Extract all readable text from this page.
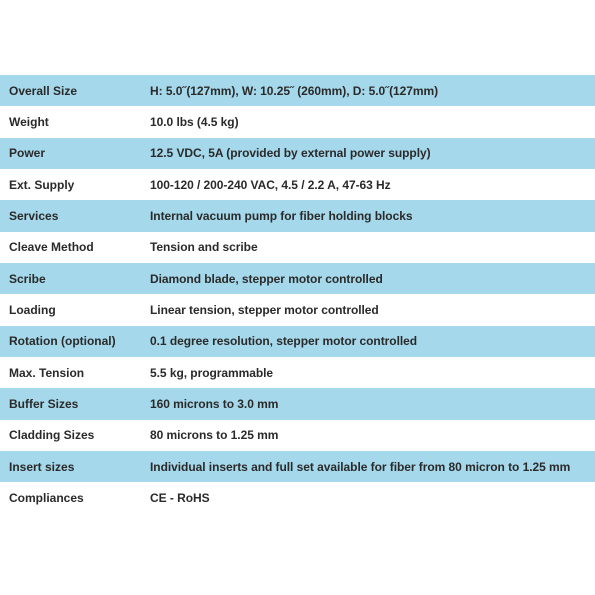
Overall Size	H: 5.0˝(127mm), W: 10.25˝ (260mm), D: 5.0˝(127mm)
Weight	10.0 lbs (4.5 kg)
Power	12.5 VDC, 5A (provided by external power supply)
Ext. Supply	100-120 / 200-240 VAC, 4.5 / 2.2 A, 47-63 Hz
Services	Internal vacuum pump for fiber holding blocks
Cleave Method	Tension and scribe
Scribe	Diamond blade, stepper motor controlled
Loading	Linear tension, stepper motor controlled
Rotation (optional)	0.1 degree resolution, stepper motor controlled
Max. Tension	5.5 kg, programmable
Buffer Sizes	160 microns to 3.0 mm
Cladding Sizes	80 microns to 1.25 mm
Insert sizes	Individual inserts and full set available for fiber from 80 micron to 1.25 mm
Compliances	CE - RoHS
